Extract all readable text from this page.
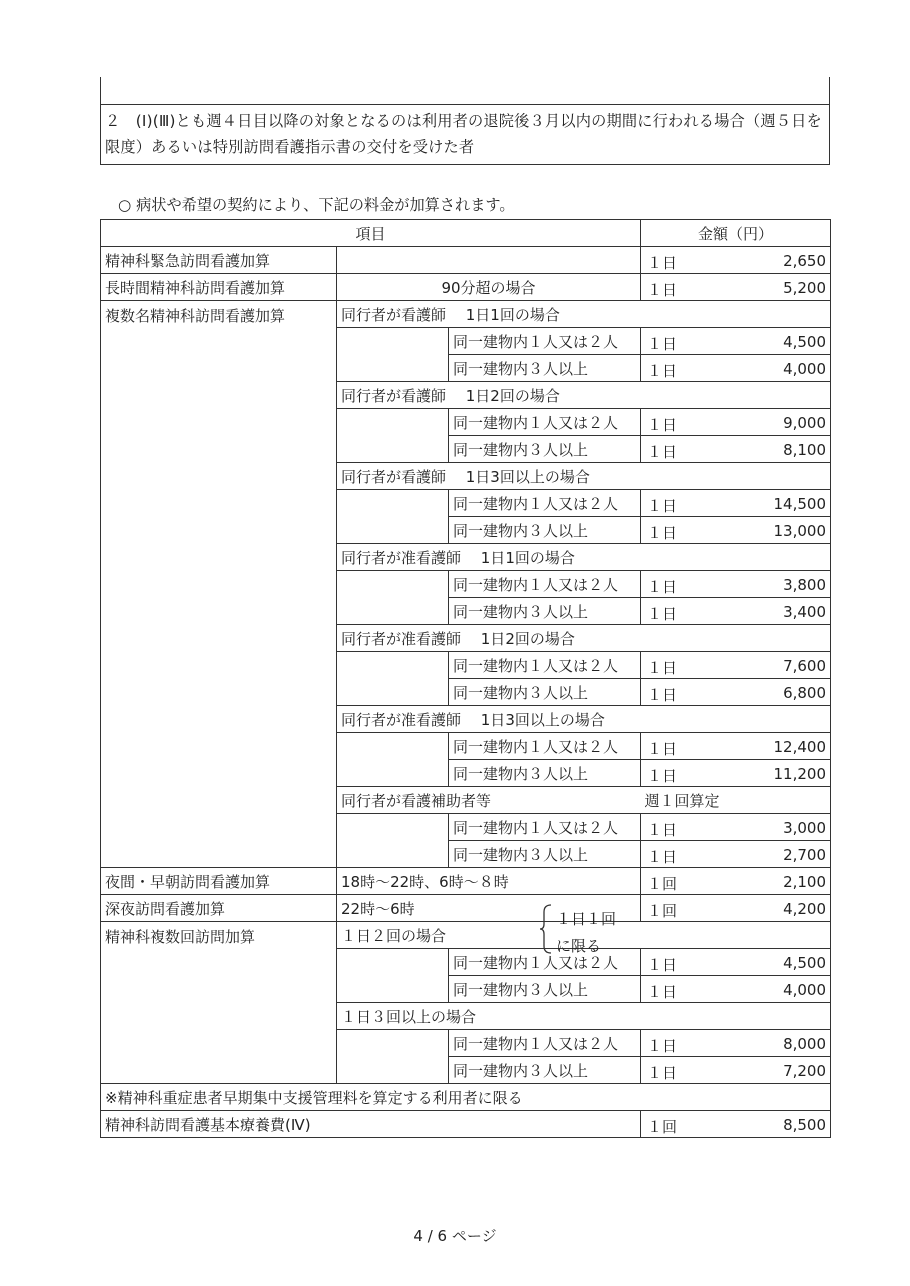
２　(Ⅰ)(Ⅲ)とも週４日目以降の対象となるのは利用者の退院後３月以内の期間に行われる場合（週５日を限度）あるいは特別訪問看護指示書の交付を受けた者
○ 病状や希望の契約により、下記の料金が加算されます。
項目			金額（円）
精神科緊急訪問看護加算			１日 2,650

長時間精神科訪問看護加算	90分超の場合		１日 5,200

複数名精神科訪問看護加算	同行者が看護師　 1日1回の場合		
		同一建物内１人又は２人	１日 4,500

		同一建物内３人以上	１日 4,000

	同行者が看護師　 1日2回の場合		
		同一建物内１人又は２人	１日 9,000

		同一建物内３人以上	１日 8,100

	同行者が看護師　 1日3回以上の場合		
		同一建物内１人又は２人	１日 14,500

		同一建物内３人以上	１日 13,000

	同行者が准看護師　 1日1回の場合		
		同一建物内１人又は２人	１日 3,800

		同一建物内３人以上	１日 3,400

	同行者が准看護師　 1日2回の場合		
		同一建物内１人又は２人	１日 7,600

		同一建物内３人以上	１日 6,800

	同行者が准看護師　 1日3回以上の場合		
		同一建物内１人又は２人	１日 12,400

		同一建物内３人以上	１日 11,200

	同行者が看護補助者等		週１回算定
		同一建物内１人又は２人	１日 3,000

		同一建物内３人以上	１日 2,700

夜間・早朝訪問看護加算	18時～22時、6時～８時		１回 2,100

深夜訪問看護加算	22時～6時		１回 4,200

精神科複数回訪問加算	１日２回の場合		
		同一建物内１人又は２人	１日 4,500

		同一建物内３人以上	１日 4,000

	１日３回以上の場合		
		同一建物内１人又は２人	１日 8,000

		同一建物内３人以上	１日 7,200

※精神科重症患者早期集中支援管理料を算定する利用者に限る			
精神科訪問看護基本療養費(Ⅳ)			１回 8,500
１日１回
に限る
4 / 6 ページ
